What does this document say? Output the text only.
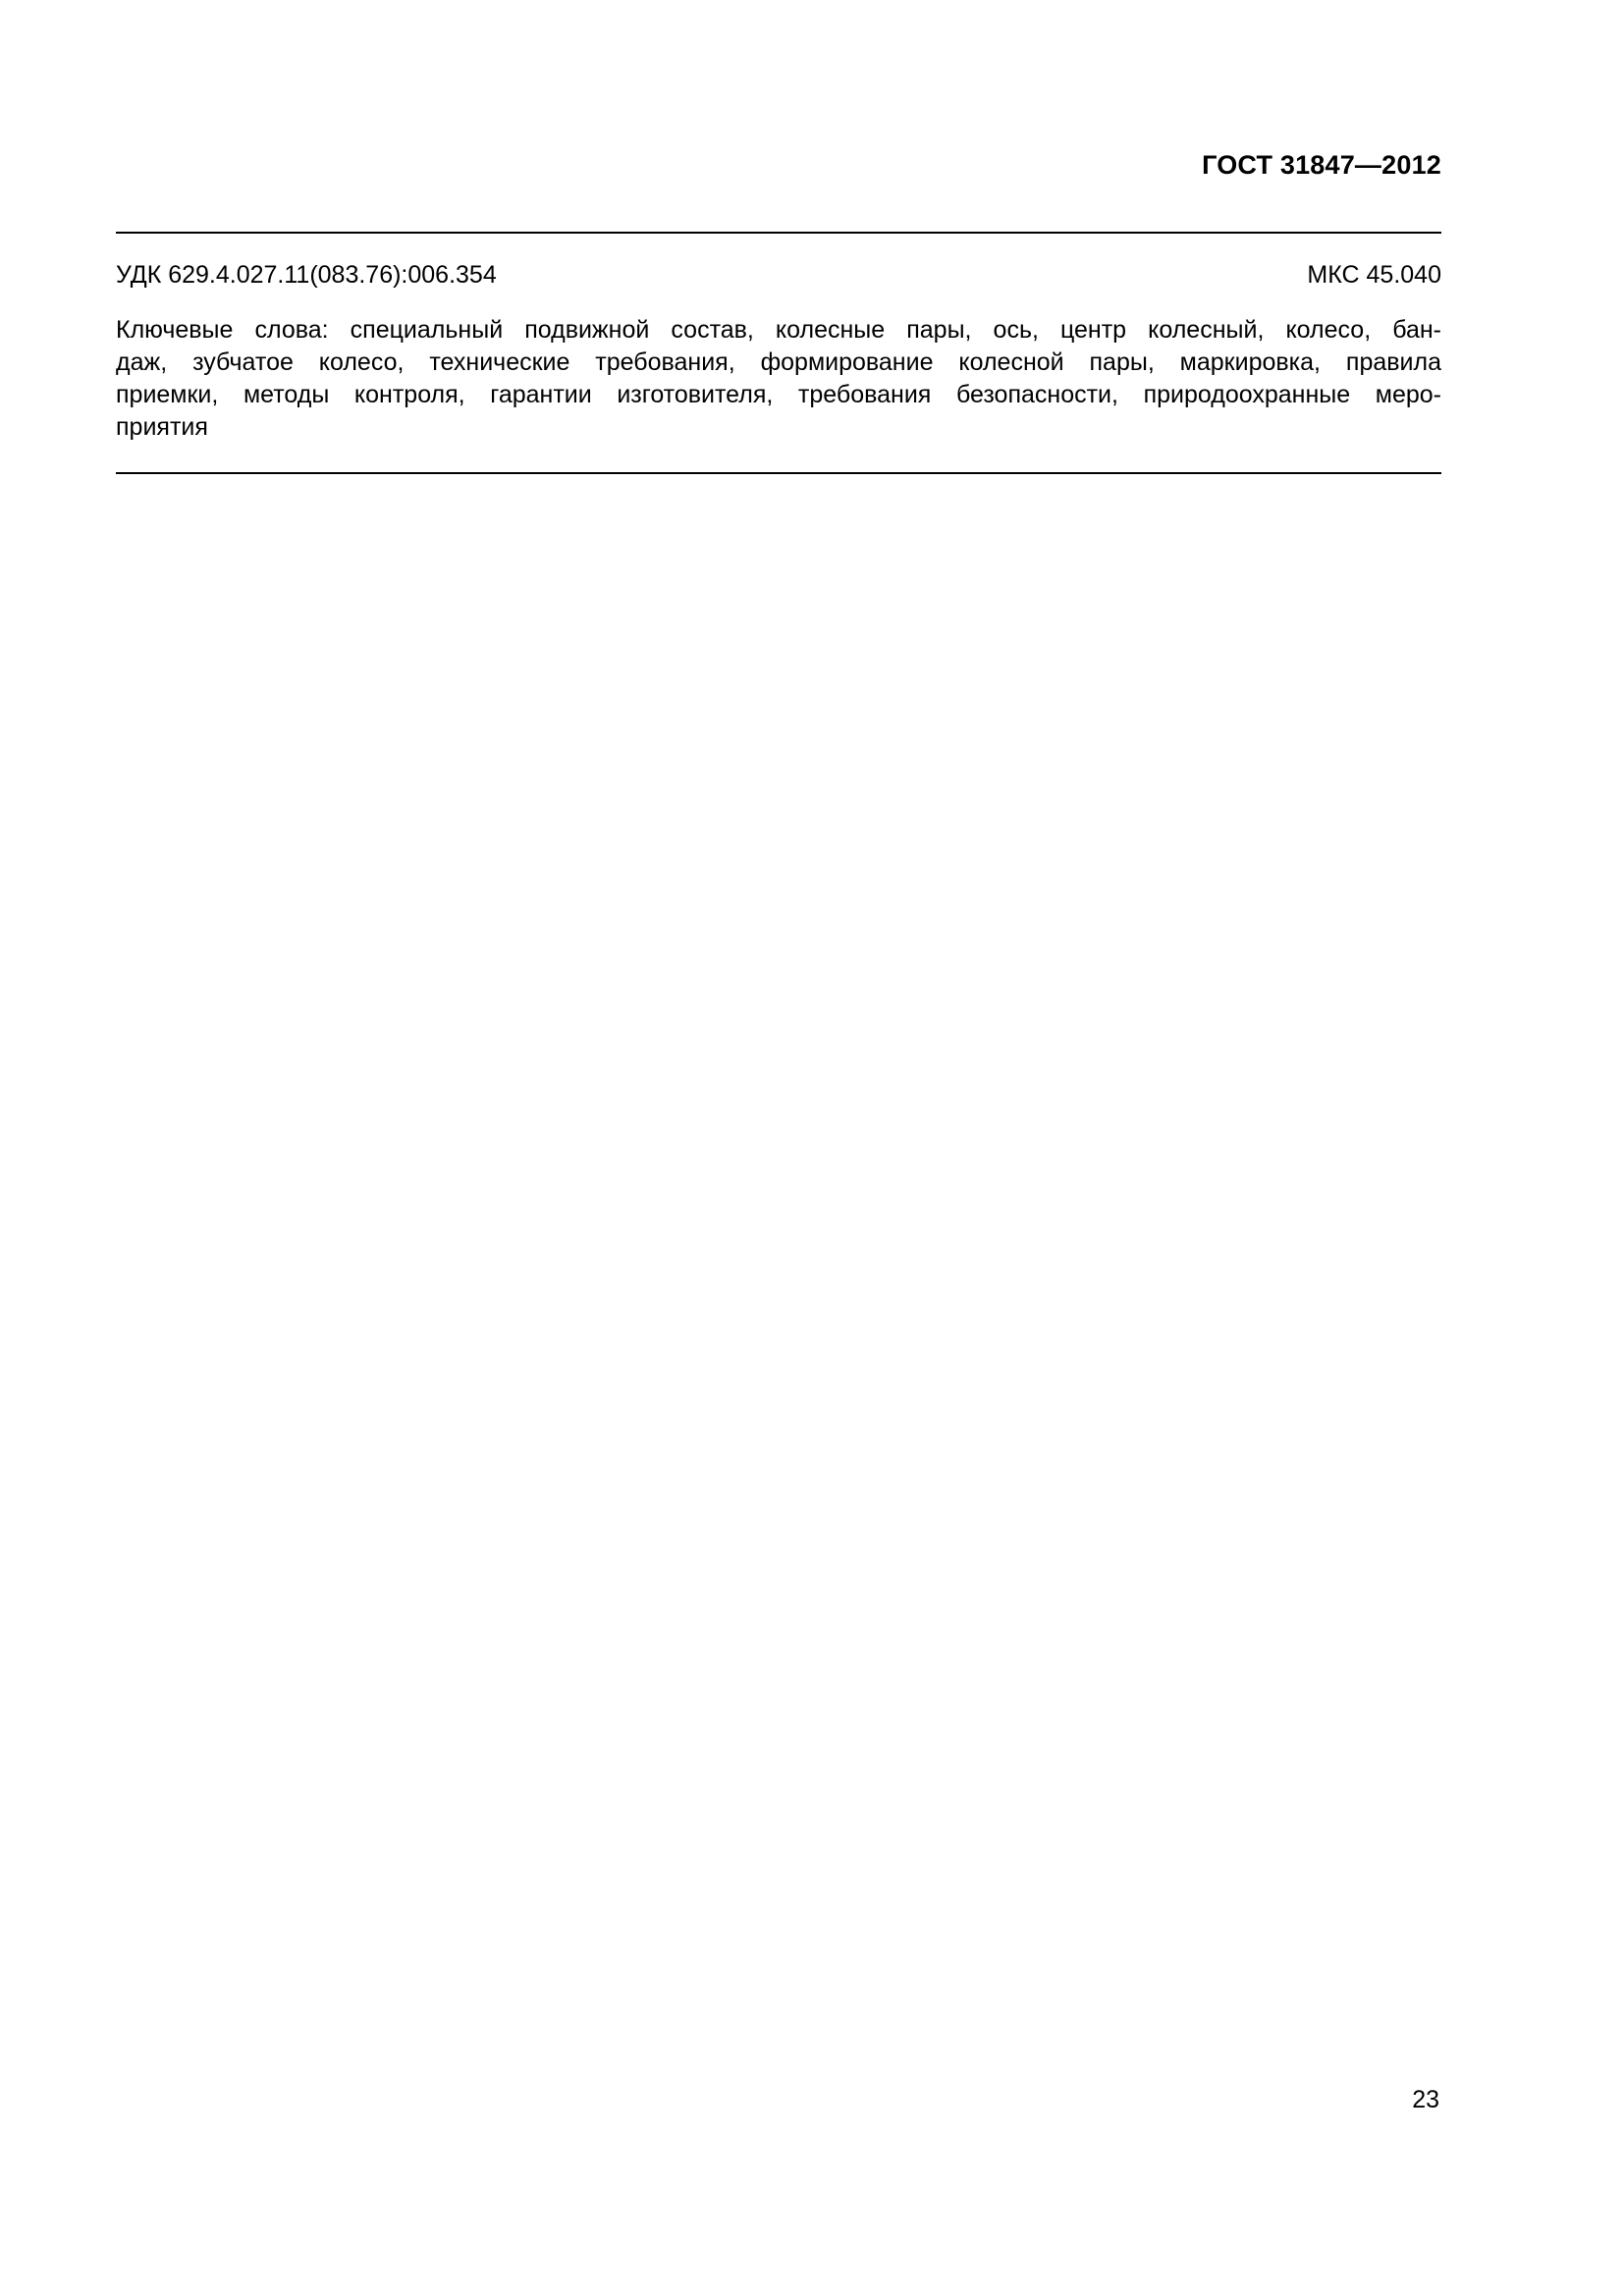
ГОСТ 31847—2012
УДК 629.4.027.11(083.76):006.354	МКС 45.040
Ключевые слова: специальный подвижной состав, колесные пары, ось, центр колесный, колесо, бан-
даж, зубчатое колесо, технические требования, формирование колесной пары, маркировка, правила
приемки, методы контроля, гарантии изготовителя, требования безопасности, природоохранные меро-
приятия
23
